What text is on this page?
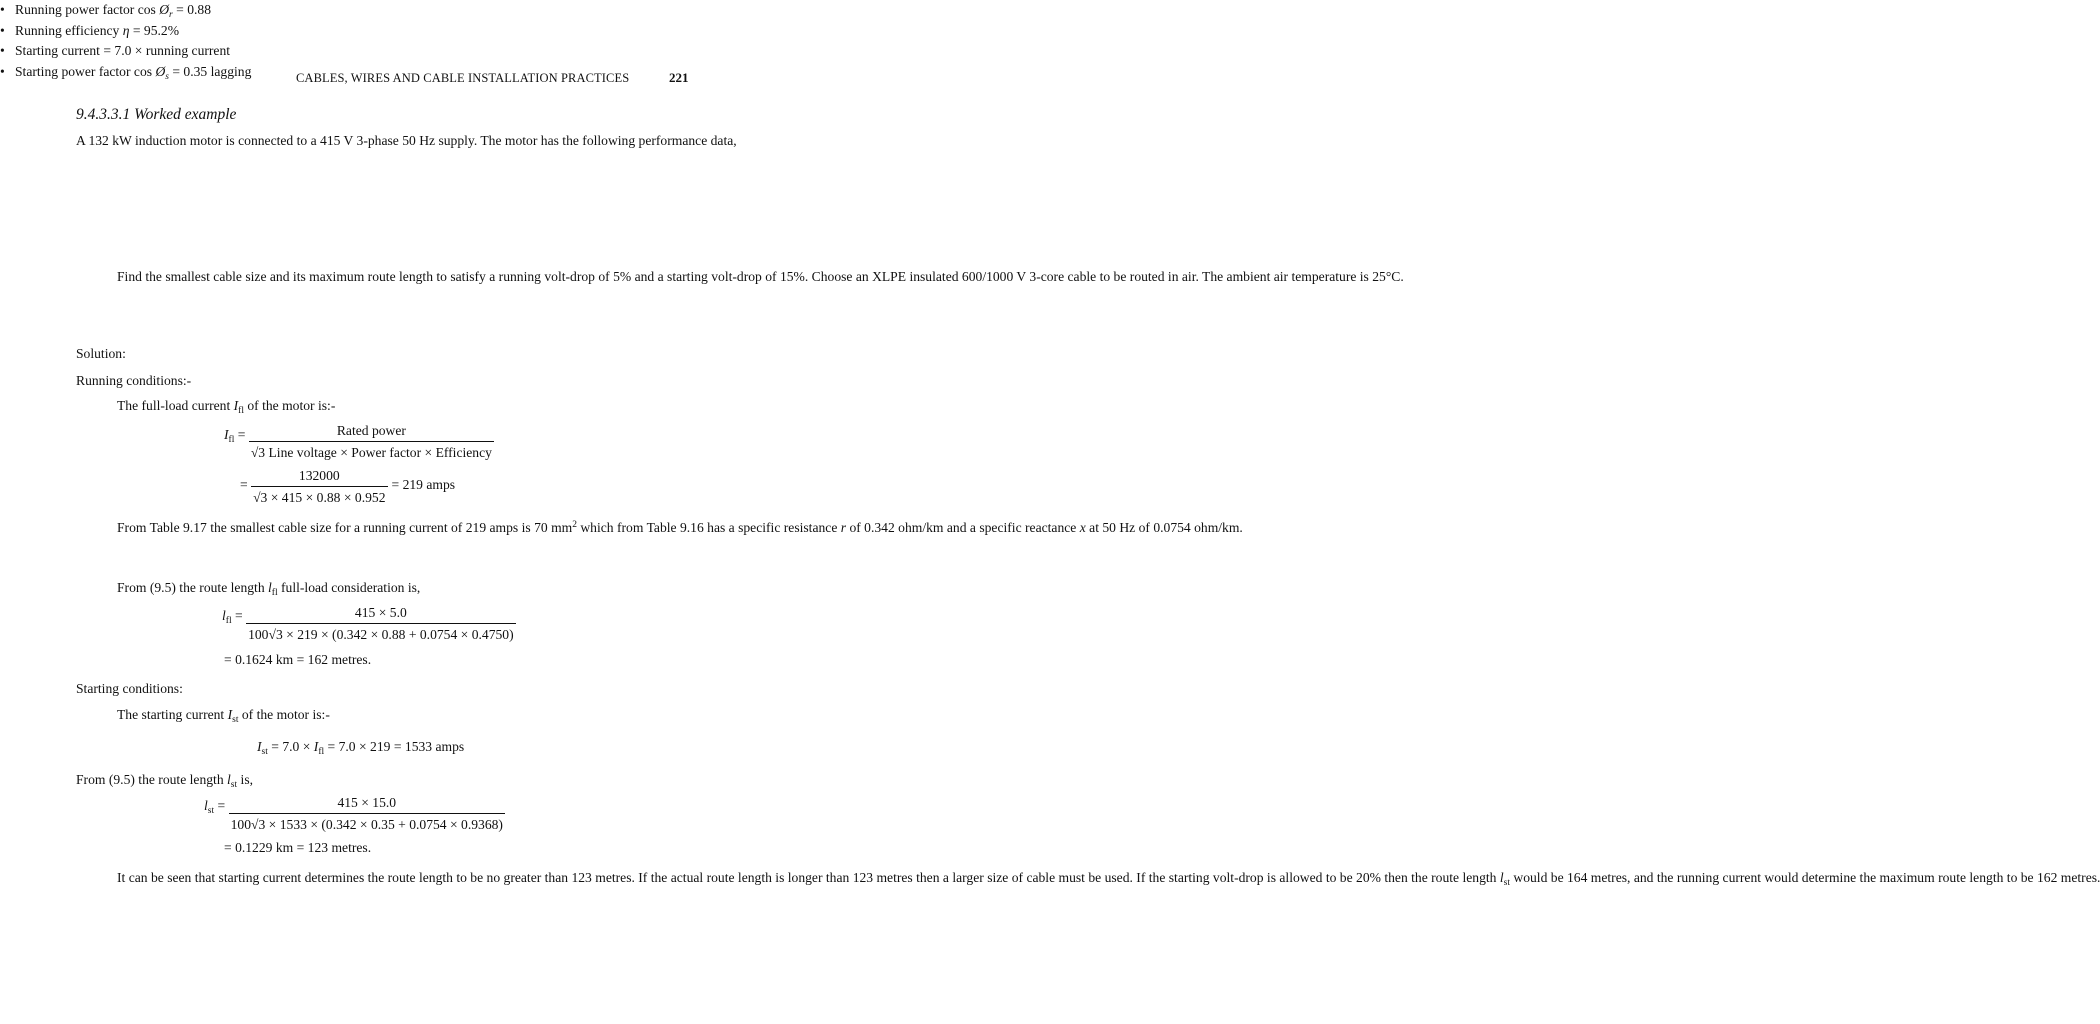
CABLES, WIRES AND CABLE INSTALLATION PRACTICES	221
9.4.3.3.1 Worked example
A 132 kW induction motor is connected to a 415 V 3-phase 50 Hz supply. The motor has the following performance data,
• Running power factor $\cos Ø_r = 0.88$
• Running efficiency η = 95.2%
• Starting current = 7.0 × running current
• Starting power factor $\cos Ø_s = 0.35$ lagging
Find the smallest cable size and its maximum route length to satisfy a running volt-drop of 5% and a starting volt-drop of 15%. Choose an XLPE insulated 600/1000 V 3-core cable to be routed in air. The ambient air temperature is 25°C.
Solution:
Running conditions:-
The full-load current $I_{fl}$ of the motor is:-
$I_{fl} = \frac{\text{Rated power}}{\text{√3 Line voltage × Power factor × Efficiency}}$
= $\frac{132000}{√3 \times 415 \times 0.88 \times 0.952} = 219$ amps
From Table 9.17 the smallest cable size for a running current of 219 amps is 70 $mm^2$ which from Table 9.16 has a specific resistance r of 0.342 ohm/km and a specific reactance x at 50 Hz of 0.0754 ohm/km.
From (9.5) the route length $l_{fl}$ full-load consideration is,
$l_{fl} = \frac{415 \times 5.0}{100√3 \times 219 \times (0.342 \times 0.88 + 0.0754 \times 0.4750)}$
= 0.1624 km = 162 metres.
Starting conditions:
The starting current $I_{st}$ of the motor is:-
$I_{st} = 7.0 \times I_{fl} = 7.0 \times 219 = 1533$ amps
From (9.5) the route length $l_{st}$ is,
$l_{st} = \frac{415 \times 15.0}{100√3 \times 1533 \times (0.342 \times 0.35 + 0.0754 \times 0.9368)}$
= 0.1229 km = 123 metres.
It can be seen that starting current determines the route length to be no greater than 123 metres. If the actual route length is longer than 123 metres then a larger size of cable must be used. If the starting volt-drop is allowed to be 20% then the route length $l_{st}$ would be 164 metres, and the running current would determine the maximum route length to be 162 metres.
